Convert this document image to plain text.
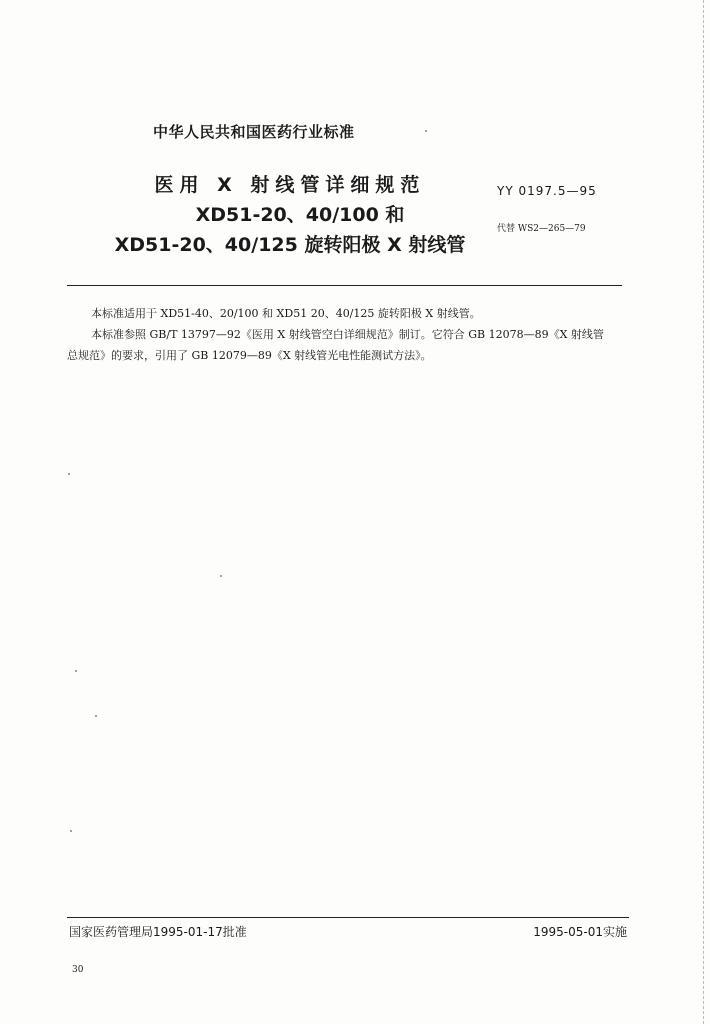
中华人民共和国医药行业标准
医用 X 射线管详细规范
XD51-20、40/100 和
XD51-20、40/125 旋转阳极 X 射线管
YY 0197.5—95
代替 WS2—265—79

本标准适用于 XD51-40、20/100 和 XD51 20、40/125 旋转阳极 X 射线管。

本标准参照 GB/T 13797—92《医用 X 射线管空白详细规范》制订。它符合 GB 12078—89《X 射线管

总规范》的要求，引用了 GB 12079—89《X 射线管光电性能测试方法》。

国家医药管理局1995-01-17批准	1995-05-01实施
30
